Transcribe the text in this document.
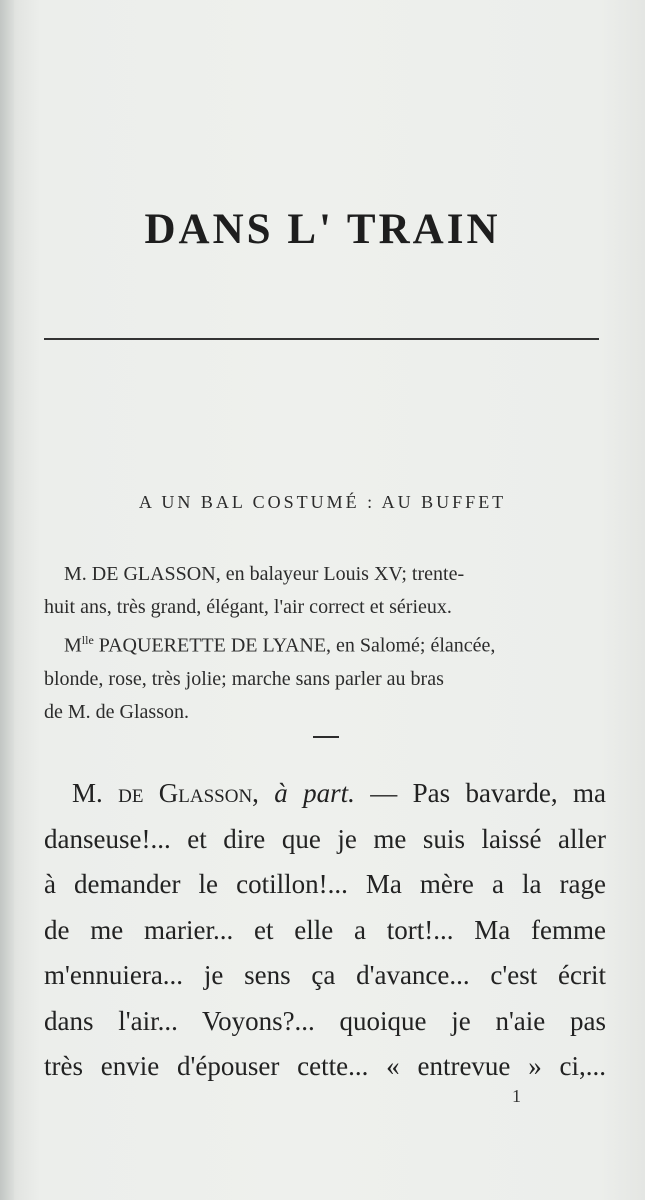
DANS L' TRAIN
A UN BAL COSTUMÉ : AU BUFFET
M. DE GLASSON, en balayeur Louis XV; trente-
huit ans, très grand, élégant, l'air correct et sérieux.
$M^{lle}$ PAQUERETTE DE LYANE, en Salomé; élancée,
blonde, rose, très jolie; marche sans parler au bras
de M. de Glasson.
M. de Glasson, à part. — Pas bavarde, ma
danseuse!... et dire que je me suis laissé aller
à demander le cotillon!... Ma mère a la rage
de me marier... et elle a tort!... Ma femme
m'ennuiera... je sens ça d'avance... c'est écrit
dans l'air... Voyons?... quoique je n'aie pas
très envie d'épouser cette... « entrevue » ci,...
1
